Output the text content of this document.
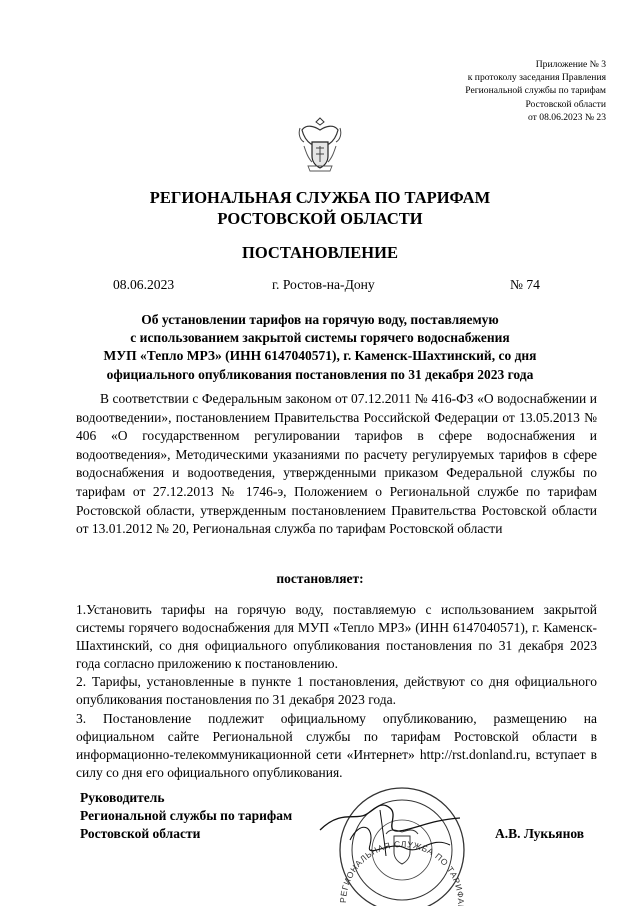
Приложение № 3
к протоколу заседания Правления
Региональной службы по тарифам
Ростовской области
от 08.06.2023 № 23
РЕГИОНАЛЬНАЯ СЛУЖБА ПО ТАРИФАМ
РОСТОВСКОЙ ОБЛАСТИ
ПОСТАНОВЛЕНИЕ
08.06.2023	г. Ростов-на-Дону	№ 74
Об установлении тарифов на горячую воду, поставляемую
с использованием закрытой системы горячего водоснабжения
МУП «Тепло МРЗ» (ИНН 6147040571), г. Каменск-Шахтинский, со дня
официального опубликования постановления по 31 декабря 2023 года

В соответствии с Федеральным законом от 07.12.2011 № 416-ФЗ «О водоснабжении и водоотведении», постановлением Правительства Российской Федерации от 13.05.2013 № 406 «О государственном регулировании тарифов в сфере водоснабжения и водоотведения», Методическими указаниями по расчету регулируемых тарифов в сфере водоснабжения и водоотведения, утвержденными приказом Федеральной службы по тарифам от 27.12.2013 № 1746-э, Положением о Региональной службе по тарифам Ростовской области, утвержденным постановлением Правительства Ростовской области от 13.01.2012 № 20, Региональная служба по тарифам Ростовской области

постановляет:

1.Установить тарифы на горячую воду, поставляемую с использованием закрытой системы горячего водоснабжения для МУП «Тепло МРЗ» (ИНН 6147040571), г. Каменск-Шахтинский, со дня официального опубликования постановления по 31 декабря 2023 года согласно приложению к постановлению.

2. Тарифы, установленные в пункте 1 постановления, действуют со дня официального опубликования постановления по 31 декабря 2023 года.

3. Постановление подлежит официальному опубликованию, размещению на официальном сайте Региональной службы по тарифам Ростовской области в информационно-телекоммуникационной сети «Интернет» http://rst.donland.ru, вступает в силу со дня его официального опубликования.

Руководитель
Региональной службы по тарифам
Ростовской области	А.В. Лукьянов
РЕГИОНАЛЬНАЯ СЛУЖБА ПО ТАРИФА
